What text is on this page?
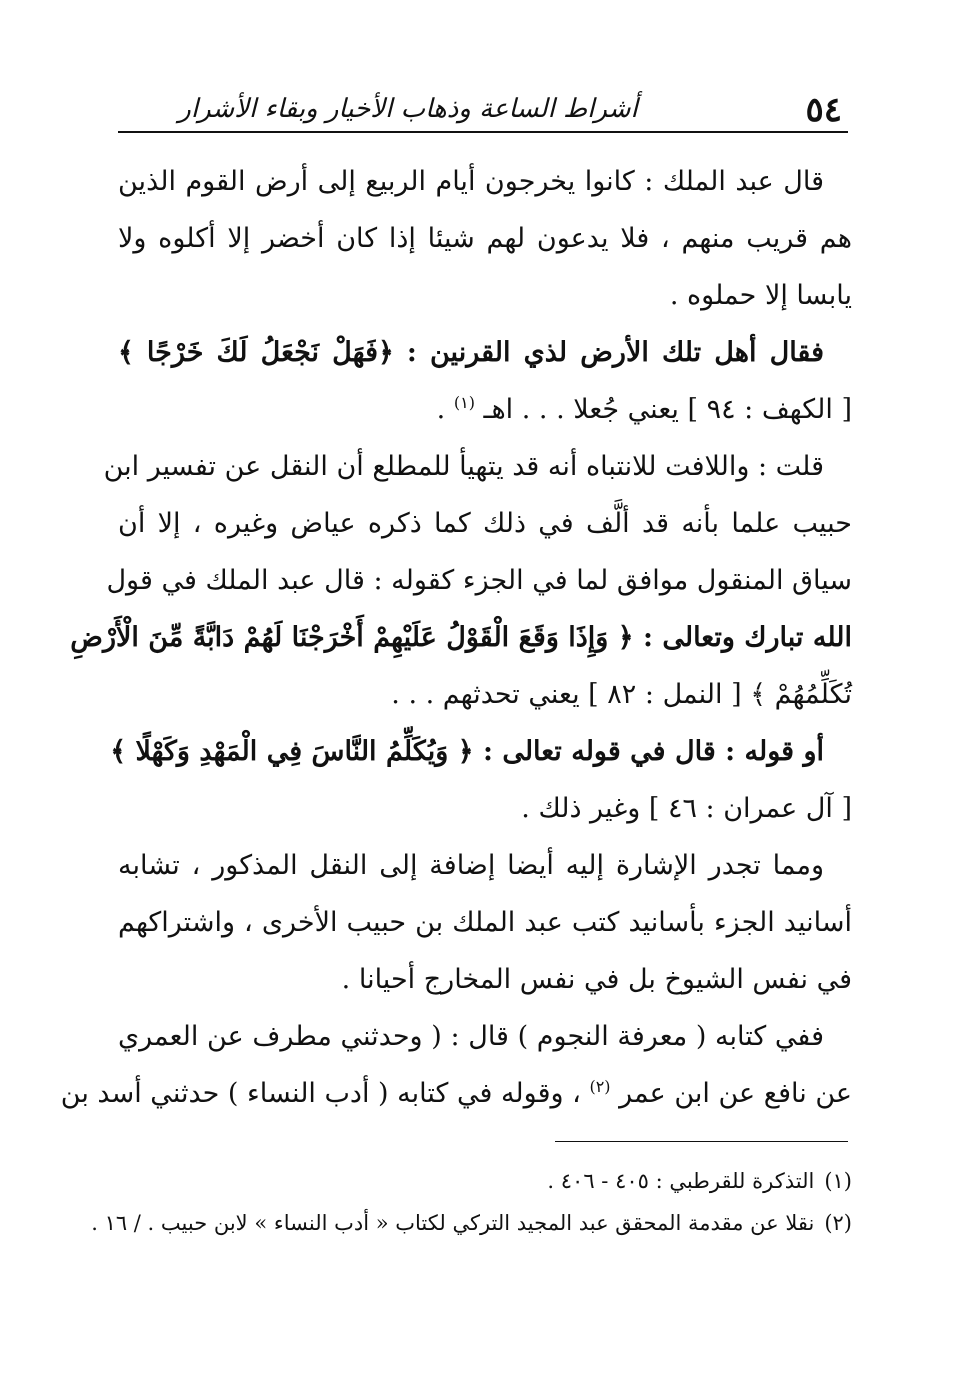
٥٤
أشراط الساعة وذهاب الأخيار وبقاء الأشرار
قال عبد الملك : كانوا يخرجون أيام الربيع إلى أرض القوم الذين
هم قريب منهم ، فلا يدعون لهم شيئا إذا كان أخضر إلا أكلوه ولا
يابسا إلا حملوه .
فقال أهل تلك الأرض لذي القرنين : ﴿فَهَلْ نَجْعَلُ لَكَ خَرْجًا ﴾
[ الكهف : ٩٤ ] يعني جُعلا . . . اهـ $^{(١)}$ .
قلت : واللافت للانتباه أنه قد يتهيأ للمطلع أن النقل عن تفسير ابن
حبيب علما بأنه قد ألَّف في ذلك كما ذكره عياض وغيره ، إلا أن
سياق المنقول موافق لما في الجزء كقوله : قال عبد الملك في قول
الله تبارك وتعالى : ﴿ وَإِذَا وَقَعَ الْقَوْلُ عَلَيْهِمْ أَخْرَجْنَا لَهُمْ دَابَّةً مِّنَ الْأَرْضِ
تُكَلِّمُهُمْ ﴾ [ النمل : ٨٢ ] يعني تحدثهم . . .
أو قوله : قال في قوله تعالى : ﴿ وَيُكَلِّمُ النَّاسَ فِي الْمَهْدِ وَكَهْلًا ﴾
[ آل عمران : ٤٦ ] وغير ذلك .
ومما تجدر الإشارة إليه أيضا إضافة إلى النقل المذكور ، تشابه
أسانيد الجزء بأسانيد كتب عبد الملك بن حبيب الأخرى ، واشتراكهم
في نفس الشيوخ بل في نفس المخارج أحيانا .
ففي كتابه ( معرفة النجوم ) قال : ( وحدثني مطرف عن العمري
عن نافع عن ابن عمر $^{(٢)}$ ، وقوله في كتابه ( أدب النساء ) حدثني أسد بن
(١)التذكرة للقرطبي : ٤٠٥ - ٤٠٦ .
(٢)نقلا عن مقدمة المحقق عبد المجيد التركي لكتاب « أدب النساء » لابن حبيب . / ١٦ .
